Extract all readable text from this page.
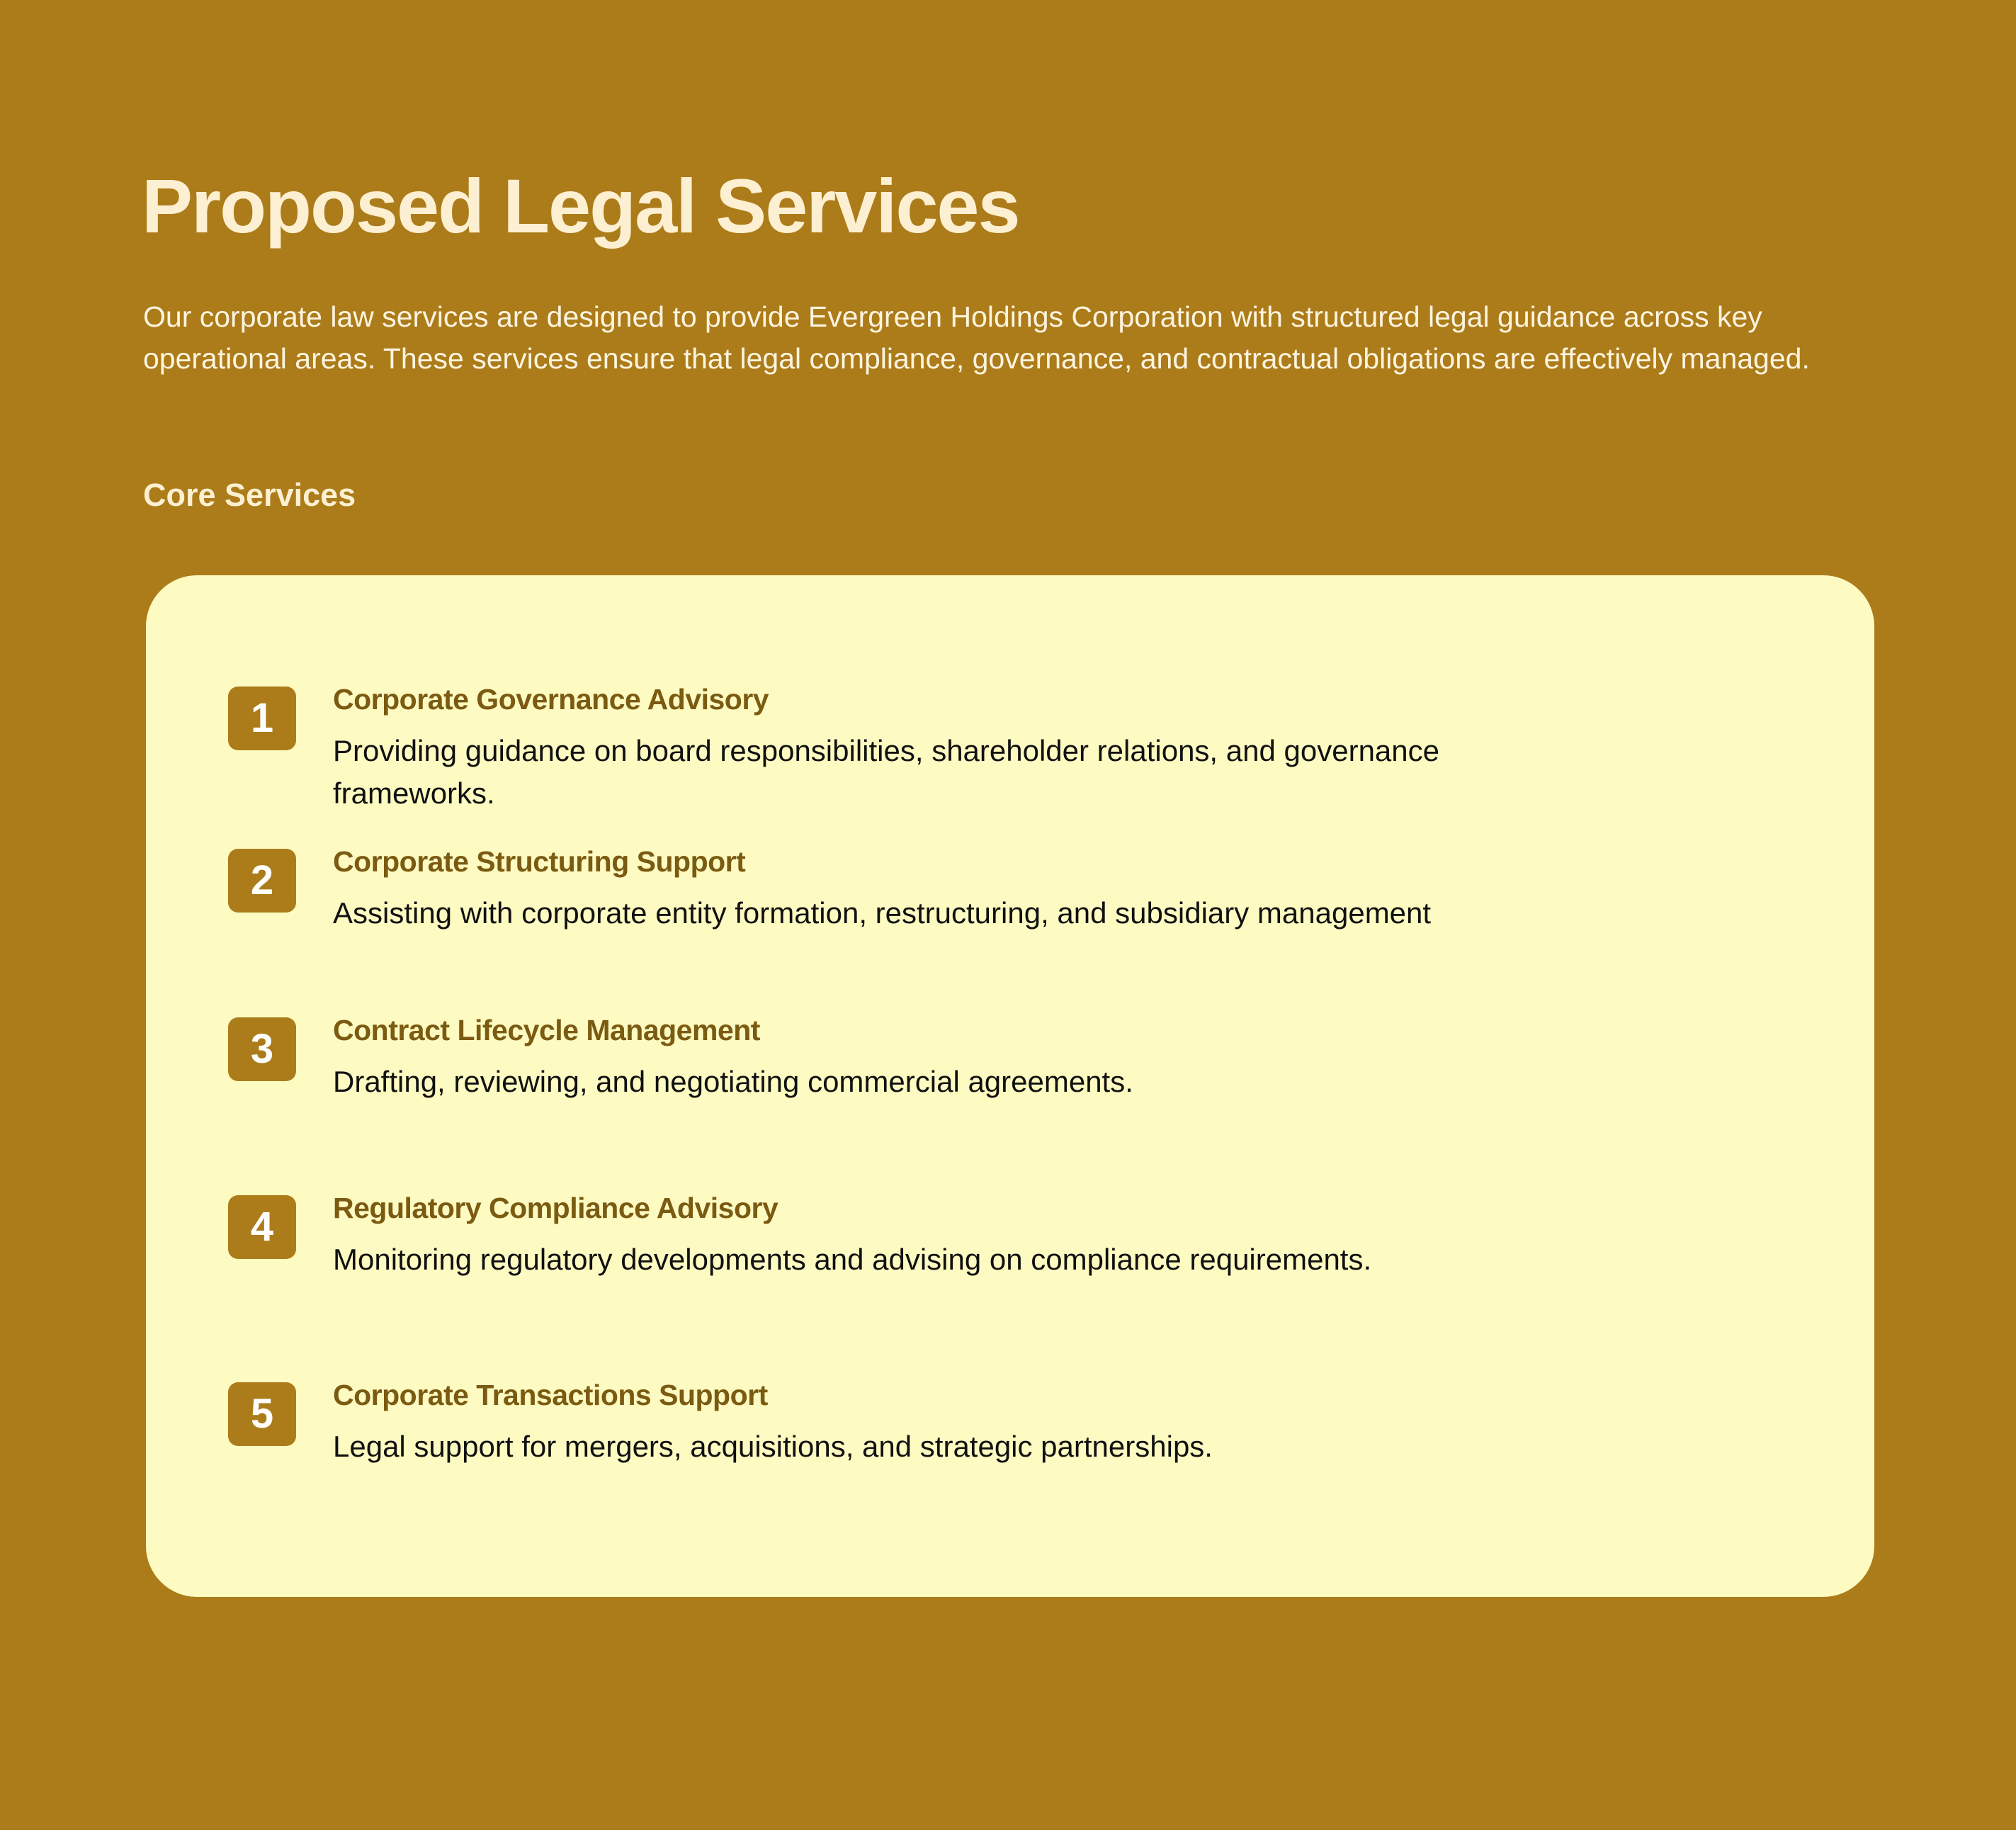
Proposed Legal Services

Our corporate law services are designed to provide Evergreen Holdings Corporation with structured legal guidance across key operational areas. These services ensure that legal compliance, governance, and contractual obligations are effectively managed.

Core Services
1	Corporate Governance Advisory

Providing guidance on board responsibilities, shareholder relations, and governance frameworks.

2	Corporate Structuring Support

Assisting with corporate entity formation, restructuring, and subsidiary management

3	Contract Lifecycle Management

Drafting, reviewing, and negotiating commercial agreements.

4	Regulatory Compliance Advisory

Monitoring regulatory developments and advising on compliance requirements.

5	Corporate Transactions Support

Legal support for mergers, acquisitions, and strategic partnerships.
